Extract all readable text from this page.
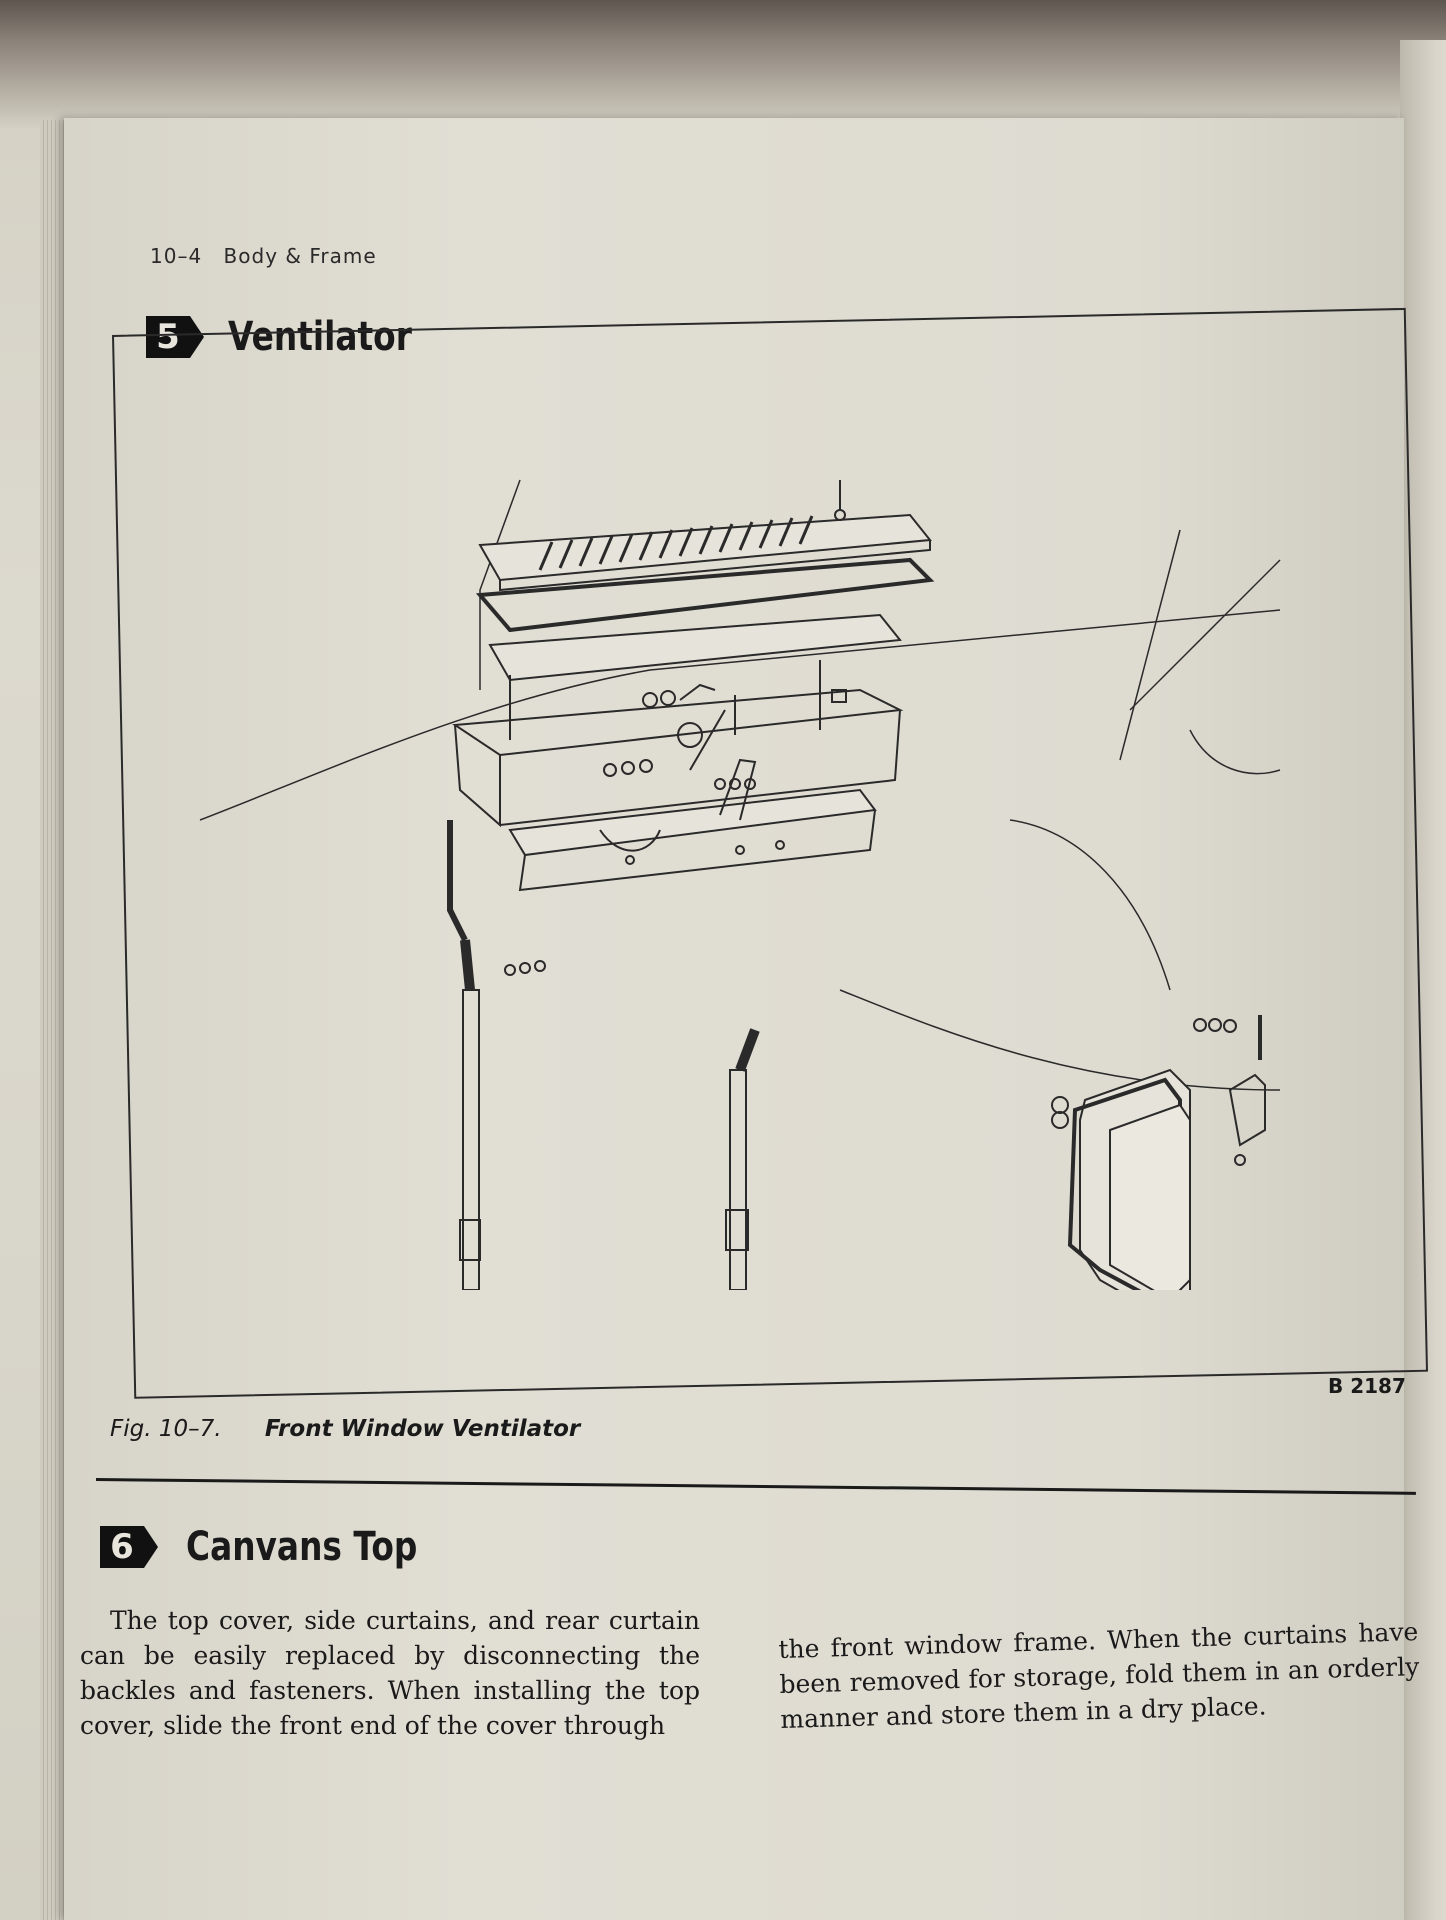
10–4 Body & Frame
5 Ventilator
B 2187
Fig. 10–7. Front Window Ventilator
6 Canvans Top
The top cover, side curtains, and rear curtain can be easily replaced by disconnecting the backles and fasteners. When installing the top cover, slide the front end of the cover through
the front window frame. When the curtains have been removed for storage, fold them in an orderly manner and store them in a dry place.
